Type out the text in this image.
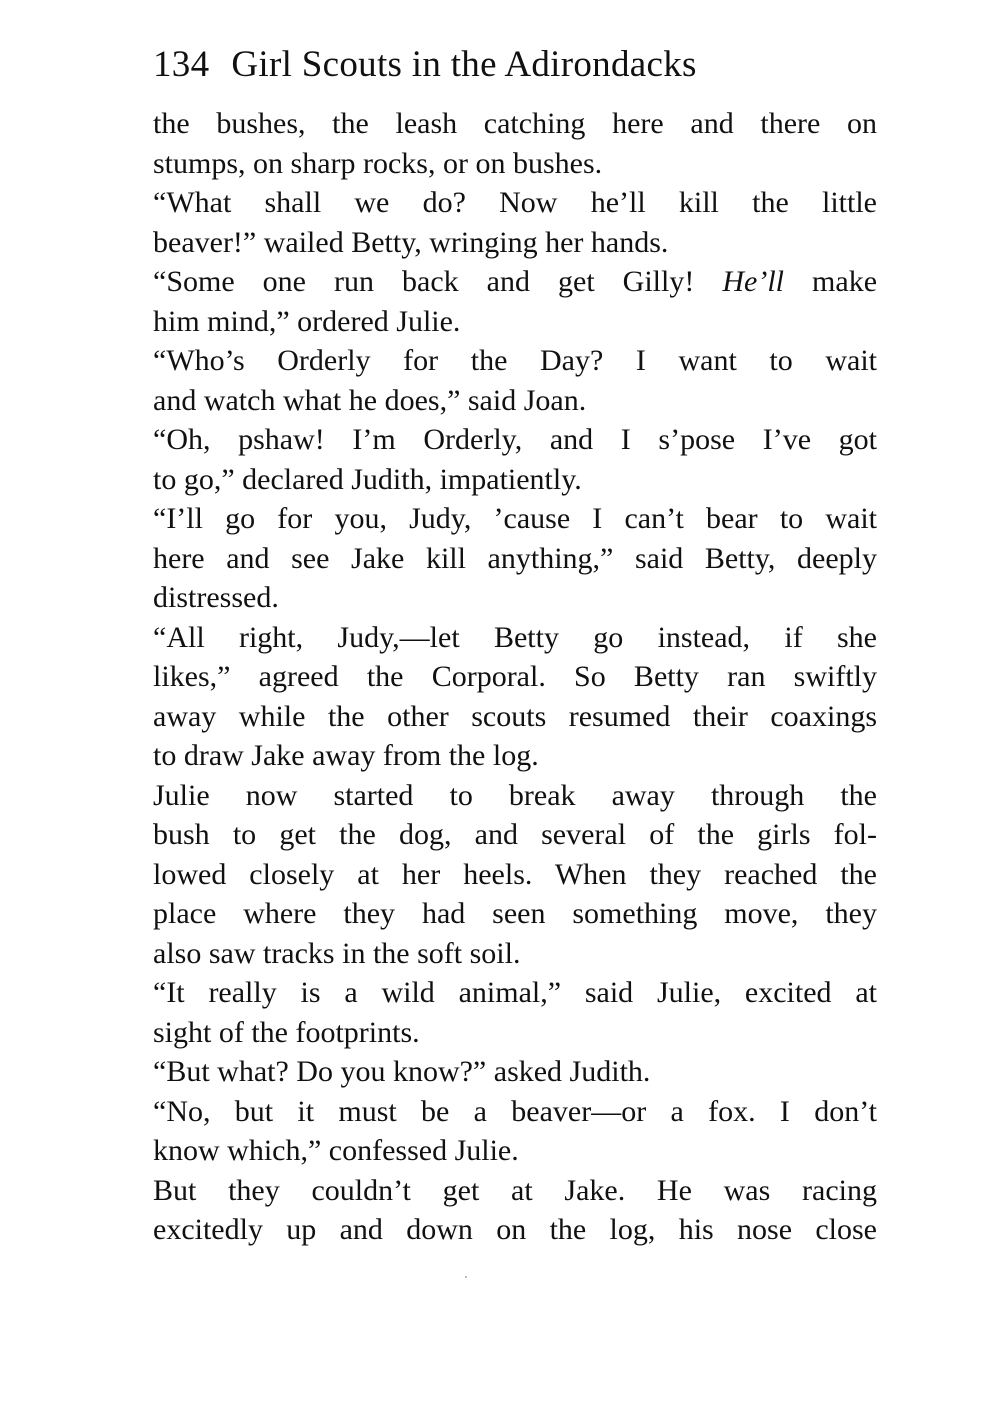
134 Girl Scouts in the Adirondacks

the bushes, the leash catching here and there on
stumps, on sharp rocks, or on bushes.

“What shall we do? Now he’ll kill the little
beaver!” wailed Betty, wringing her hands.

“Some one run back and get Gilly! He’ll make
him mind,” ordered Julie.

“Who’s Orderly for the Day? I want to wait
and watch what he does,” said Joan.

“Oh, pshaw! I’m Orderly, and I s’pose I’ve got
to go,” declared Judith, impatiently.

“I’ll go for you, Judy, ’cause I can’t bear to wait
here and see Jake kill anything,” said Betty, deeply
distressed.

“All right, Judy,—let Betty go instead, if she
likes,” agreed the Corporal. So Betty ran swiftly
away while the other scouts resumed their coaxings
to draw Jake away from the log.

Julie now started to break away through the
bush to get the dog, and several of the girls fol-
lowed closely at her heels. When they reached the
place where they had seen something move, they
also saw tracks in the soft soil.

“It really is a wild animal,” said Julie, excited at
sight of the footprints.

“But what? Do you know?” asked Judith.

“No, but it must be a beaver—or a fox. I don’t
know which,” confessed Julie.

But they couldn’t get at Jake. He was racing
excitedly up and down on the log, his nose close
